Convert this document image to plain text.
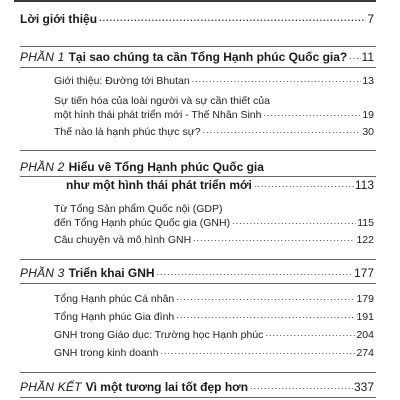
Lời giới thiệu .....	7
PHẦN 1 Tại sao chúng ta cần Tổng Hạnh phúc Quốc gia? ..... 11
Giới thiệu: Đường tới Bhutan .....	13
Sự tiến hóa của loài người và sự cần thiết của
một hình thái phát triển mới - Thế Nhân Sinh .....	19
Thế nào là hạnh phúc thực sự? .....	30
PHẦN 2 Hiểu về Tổng Hạnh phúc Quốc gia
như một hình thái phát triển mới .....	113
Từ Tổng Sản phẩm Quốc nội (GDP)
đến Tổng Hạnh phúc Quốc gia (GNH) .....	115
Câu chuyện và mô hình GNH .....	122
PHẦN 3 Triển khai GNH .....	177
Tổng Hạnh phúc Cá nhân .....	179
Tổng Hạnh phúc Gia đình .....	191
GNH trong Giáo dục: Trường học Hạnh phúc .....	204
GNH trong kinh doanh .....	274
PHẦN KẾT Vì một tương lai tốt đẹp hơn .....	337
